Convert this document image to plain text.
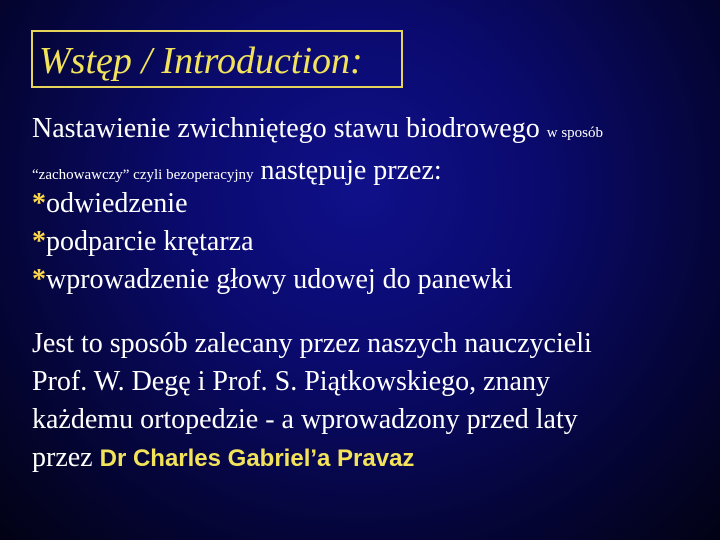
Wstęp / Introduction:
Nastawienie zwichniętego stawu biodrowego w sposób
“zachowawczy” czyli bezoperacyjny następuje przez:
*odwiedzenie
*podparcie krętarza
*wprowadzenie głowy udowej do panewki
Jest to sposób zalecany przez naszych nauczycieli
Prof. W. Degę i Prof. S. Piątkowskiego, znany
każdemu ortopedzie - a wprowadzony przed laty
przez Dr Charles Gabriel’a Pravaz
